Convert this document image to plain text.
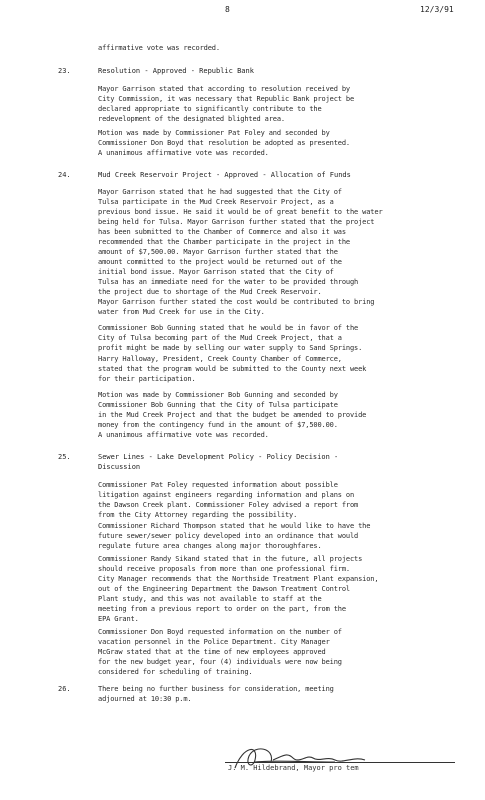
8	12/3/91
affirmative vote was recorded.
23.	Resolution - Approved - Republic Bank
Mayor Garrison stated that according to resolution received by
City Commission, it was necessary that Republic Bank project be
declared appropriate to significantly contribute to the
redevelopment of the designated blighted area.
Motion was made by Commissioner Pat Foley and seconded by
Commissioner Don Boyd that resolution be adopted as presented.
A unanimous affirmative vote was recorded.
24.	Mud Creek Reservoir Project - Approved - Allocation of Funds
Mayor Garrison stated that he had suggested that the City of
Tulsa participate in the Mud Creek Reservoir Project, as a
previous bond issue. He said it would be of great benefit to the water
being held for Tulsa. Mayor Garrison further stated that the project
has been submitted to the Chamber of Commerce and also it was
recommended that the Chamber participate in the project in the
amount of $7,500.00. Mayor Garrison further stated that the
amount committed to the project would be returned out of the
initial bond issue. Mayor Garrison stated that the City of
Tulsa has an immediate need for the water to be provided through
the project due to shortage of the Mud Creek Reservoir.
Mayor Garrison further stated the cost would be contributed to bring
water from Mud Creek for use in the City.
Commissioner Bob Gunning stated that he would be in favor of the
City of Tulsa becoming part of the Mud Creek Project, that a
profit might be made by selling our water supply to Sand Springs.
Harry Halloway, President, Creek County Chamber of Commerce,
stated that the program would be submitted to the County next week
for their participation.
Motion was made by Commissioner Bob Gunning and seconded by
Commissioner Bob Gunning that the City of Tulsa participate
in the Mud Creek Project and that the budget be amended to provide
money from the contingency fund in the amount of $7,500.00.
A unanimous affirmative vote was recorded.
25.	Sewer Lines - Lake Development Policy - Policy Decision -
Discussion
Commissioner Pat Foley requested information about possible
litigation against engineers regarding information and plans on
the Dawson Creek plant. Commissioner Foley advised a report from
from the City Attorney regarding the possibility.
Commissioner Richard Thompson stated that he would like to have the
future sewer/sewer policy developed into an ordinance that would
regulate future area changes along major thoroughfares.
Commissioner Randy Sikand stated that in the future, all projects
should receive proposals from more than one professional firm.
City Manager recommends that the Northside Treatment Plant expansion,
out of the Engineering Department the Dawson Treatment Control
Plant study, and this was not available to staff at the
meeting from a previous report to order on the part, from the
EPA Grant.
Commissioner Don Boyd requested information on the number of
vacation personnel in the Police Department. City Manager
McGraw stated that at the time of new employees approved
for the new budget year, four (4) individuals were now being
considered for scheduling of training.
26.	There being no further business for consideration, meeting
adjourned at 10:30 p.m.
J. M. Hildebrand, Mayor pro tem
